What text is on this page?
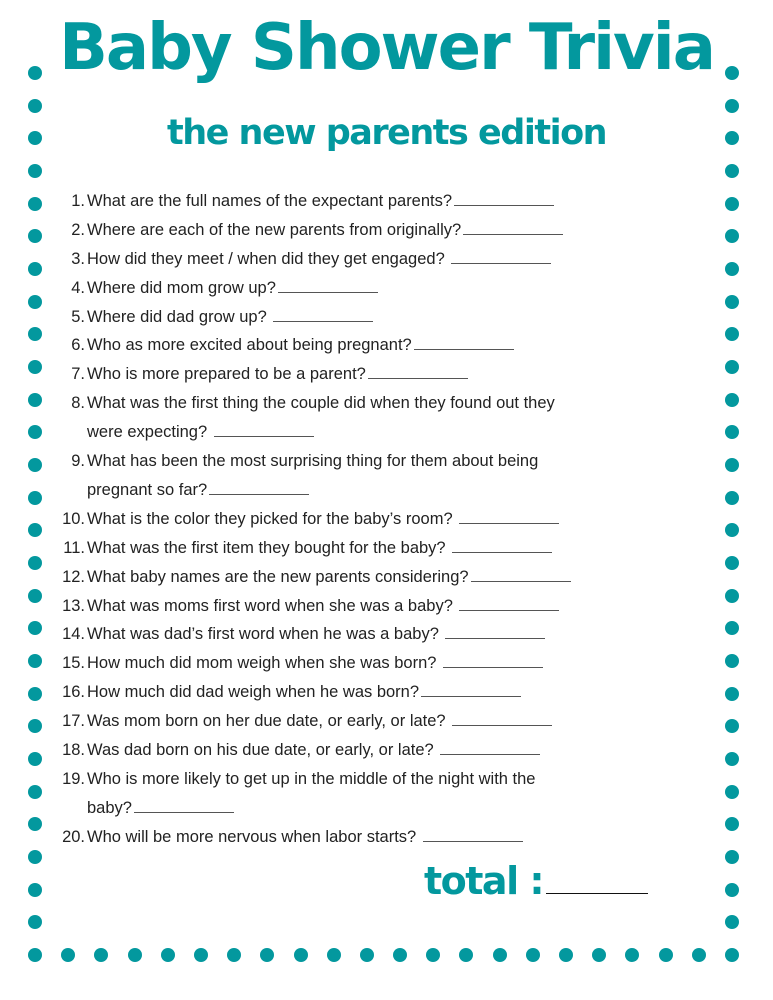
Baby Shower Trivia
the new parents edition
1. What are the full names of the expectant parents?
2. Where are each of the new parents from originally?
3. How did they meet / when did they get engaged?
4. Where did mom grow up?
5. Where did dad grow up?
6. Who as more excited about being pregnant?
7. Who is more prepared to be a parent?
8. What was the first thing the couple did when they found out they
were expecting?
9. What has been the most surprising thing for them about being
pregnant so far?
10. What is the color they picked for the baby’s room?
11. What was the first item they bought for the baby?
12. What baby names are the new parents considering?
13. What was moms first word when she was a baby?
14. What was dad’s first word when he was a baby?
15. How much did mom weigh when she was born?
16. How much did dad weigh when he was born?
17. Was mom born on her due date, or early, or late?
18. Was dad born on his due date, or early, or late?
19. Who is more likely to get up in the middle of the night with the
baby?
20. Who will be more nervous when labor starts?
total :
